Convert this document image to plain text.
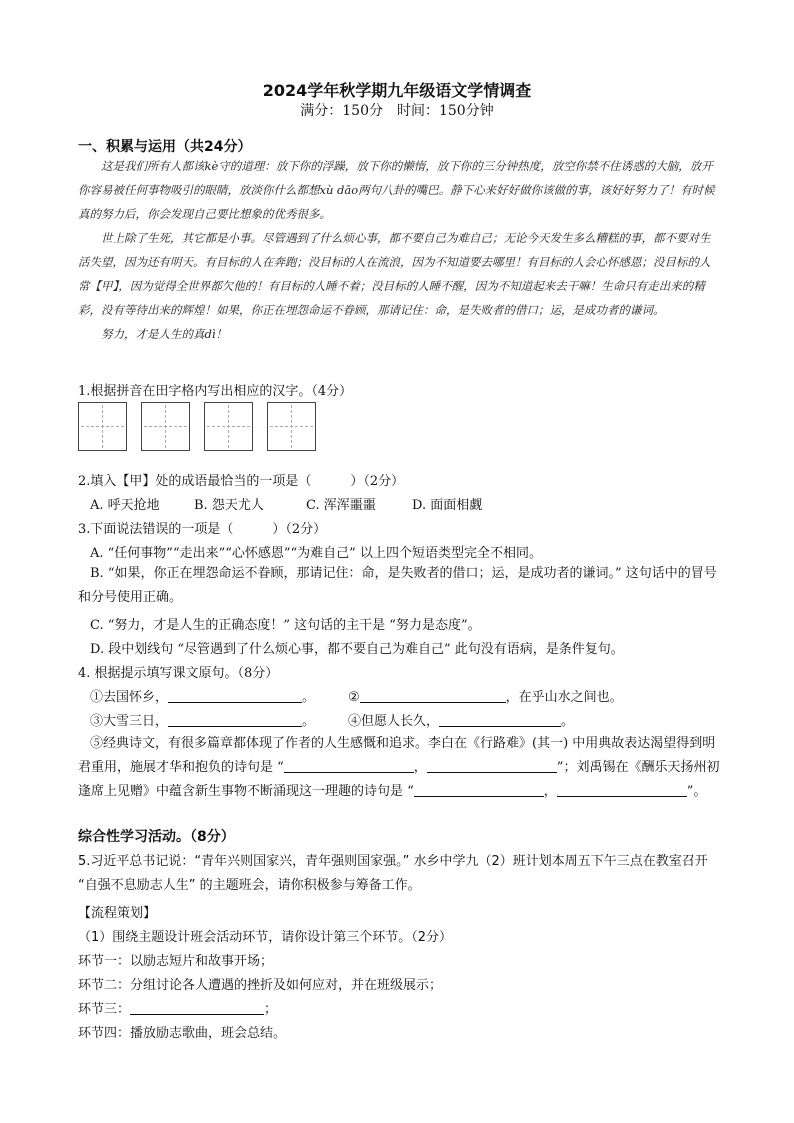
2024学年秋学期九年级语文学情调查
满分：150分　时间：150分钟
一、积累与运用（共24分）

这是我们所有人都该kè守的道理：放下你的浮躁，放下你的懒惰，放下你的三分钟热度，放空你禁不住诱惑的大脑，放开你容易被任何事物吸引的眼睛，放淡你什么都想xù dāo两句八卦的嘴巴。静下心来好好做你该做的事，该好好努力了！有时候真的努力后，你会发现自己要比想象的优秀很多。

世上除了生死，其它都是小事。尽管遇到了什么烦心事，都不要自己为难自己；无论今天发生多么糟糕的事，都不要对生活失望，因为还有明天。有目标的人在奔跑；没目标的人在流浪，因为不知道要去哪里！有目标的人会心怀感恩；没目标的人常【甲】，因为觉得全世界都欠他的！有目标的人睡不着；没目标的人睡不醒，因为不知道起来去干嘛！生命只有走出来的精彩，没有等待出来的辉煌！如果，你正在埋怨命运不眷顾，那请记住：命，是失败者的借口；运，是成功者的谦词。

努力，才是人生的真dì！

1.根据拼音在田字格内写出相应的汉字。（4分）
2.填入【甲】处的成语最恰当的一项是（　　　）（2分）
A. 呼天抢地	B. 怨天尤人	C. 浑浑噩噩	D. 面面相觑
3.下面说法错误的一项是（　　　）（2分）
A. “任何事物”“走出来”“心怀感恩”“为难自己” 以上四个短语类型完全不相同。
B. “如果，你正在埋怨命运不眷顾，那请记住：命，是失败者的借口；运，是成功者的谦词。” 这句话中的冒号和分号使用正确。
C. “努力，才是人生的正确态度！” 这句话的主干是 “努力是态度”。
D. 段中划线句 “尽管遇到了什么烦心事，都不要自己为难自己” 此句没有语病，是条件复句。
4. 根据提示填写课文原句。（8分）
①去国怀乡，	。	②	，在乎山水之间也。
③大雪三日，	。	④但愿人长久，	。
⑤经典诗文，有很多篇章都体现了作者的人生感慨和追求。李白在《行路难》(其一) 中用典故表达渴望得到明君重用，施展才华和抱负的诗句是 “	，	”；刘禹锡在《酬乐天扬州初逢席上见赠》中蕴含新生事物不断涌现这一理趣的诗句是 “	，	”。
综合性学习活动。（8分）
5.习近平总书记说：“青年兴则国家兴，青年强则国家强。” 水乡中学九（2）班计划本周五下午三点在教室召开 “自强不息励志人生” 的主题班会，请你积极参与筹备工作。
【流程策划】
（1）围绕主题设计班会活动环节，请你设计第三个环节。（2分）
环节一：以励志短片和故事开场；
环节二：分组讨论各人遭遇的挫折及如何应对，并在班级展示；
环节三：	；
环节四：播放励志歌曲，班会总结。
